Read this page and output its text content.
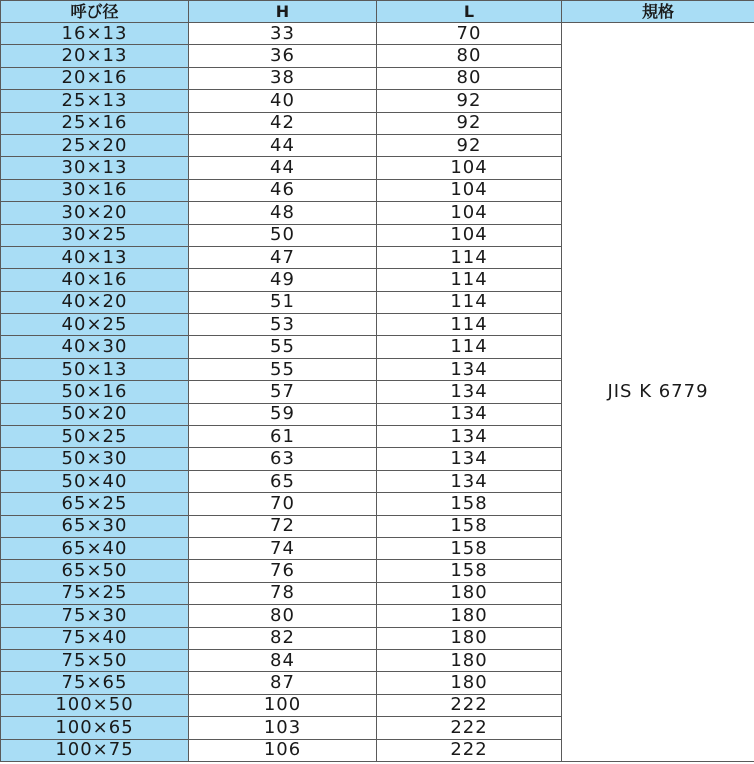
呼び径	H	L	規格
16×13	33	70	JIS K 6779
20×13	36	80	
20×16	38	80	
25×13	40	92	
25×16	42	92	
25×20	44	92	
30×13	44	104	
30×16	46	104	
30×20	48	104	
30×25	50	104	
40×13	47	114	
40×16	49	114	
40×20	51	114	
40×25	53	114	
40×30	55	114	
50×13	55	134	
50×16	57	134	
50×20	59	134	
50×25	61	134	
50×30	63	134	
50×40	65	134	
65×25	70	158	
65×30	72	158	
65×40	74	158	
65×50	76	158	
75×25	78	180	
75×30	80	180	
75×40	82	180	
75×50	84	180	
75×65	87	180	
100×50	100	222	
100×65	103	222	
100×75	106	222	
